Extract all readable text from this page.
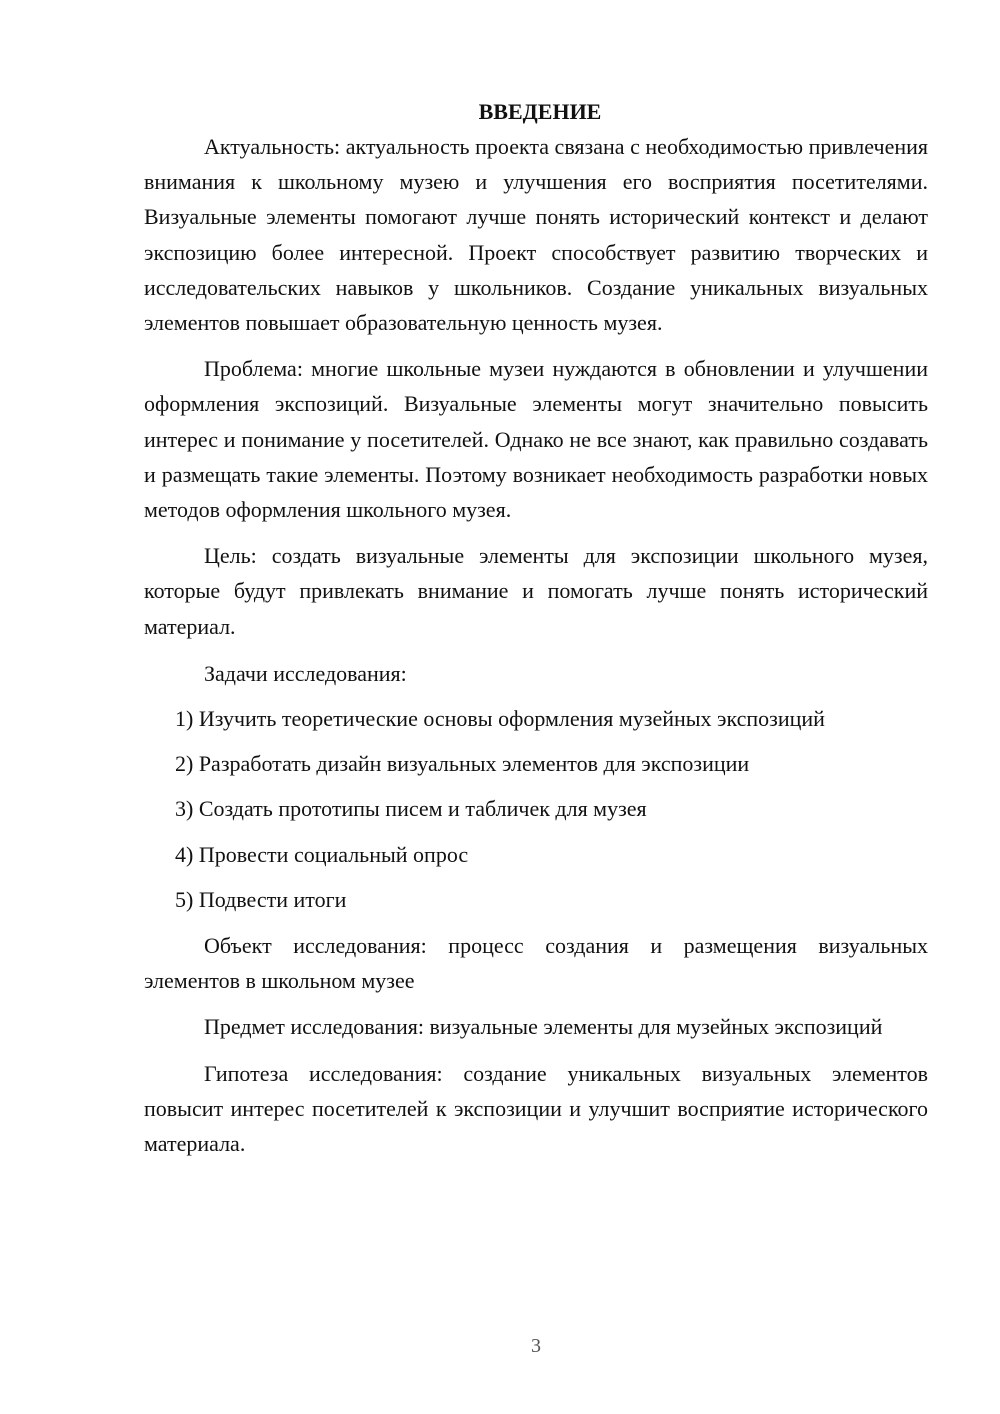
ВВЕДЕНИЕ

Актуальность: актуальность проекта связана с необходимостью привлечения внимания к школьному музею и улучшения его восприятия посетителями. Визуальные элементы помогают лучше понять исторический контекст и делают экспозицию более интересной. Проект способствует развитию творческих и исследовательских навыков у школьников. Создание уникальных визуальных элементов повышает образовательную ценность музея.

Проблема: многие школьные музеи нуждаются в обновлении и улучшении оформления экспозиций. Визуальные элементы могут значительно повысить интерес и понимание у посетителей. Однако не все знают, как правильно создавать и размещать такие элементы. Поэтому возникает необходимость разработки новых методов оформления школьного музея.

Цель: создать визуальные элементы для экспозиции школьного музея, которые будут привлекать внимание и помогать лучше понять исторический материал.

Задачи исследования:

1) Изучить теоретические основы оформления музейных экспозиций
2) Разработать дизайн визуальных элементов для экспозиции
3) Создать прототипы писем и табличек для музея
4) Провести социальный опрос
5) Подвести итоги

Объект исследования: процесс создания и размещения визуальных элементов в школьном музее

Предмет исследования: визуальные элементы для музейных экспозиций

Гипотеза исследования: создание уникальных визуальных элементов повысит интерес посетителей к экспозиции и улучшит восприятие исторического материала.

3
